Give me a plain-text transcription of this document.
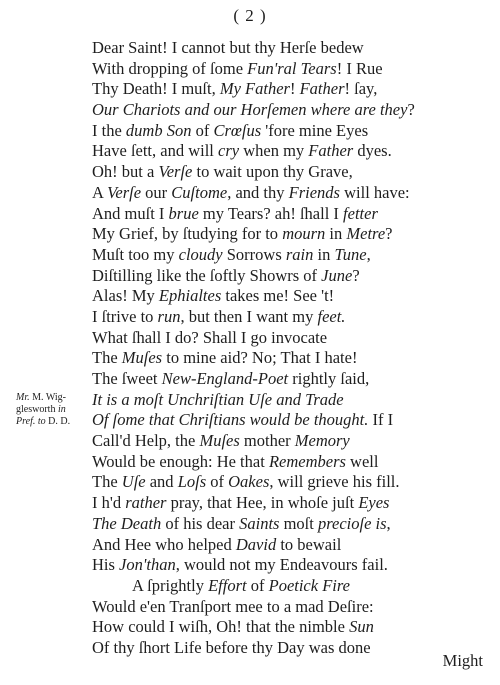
( 2 )
Mr. M. Wig-
glesworth in
Pref. to D. D.
Dear Saint! I cannot but thy Herſe bedew
With dropping of ſome Fun'ral Tears! I Rue
Thy Death! I muſt, My Father! Father! ſay,
Our Chariots and our Horſemen where are they?
I the dumb Son of Crœſus 'fore mine Eyes
Have ſett, and will cry when my Father dyes.
Oh! but a Verſe to wait upon thy Grave,
A Verſe our Cuſtome, and thy Friends will have:
And muſt I brue my Tears? ah! ſhall I fetter
My Grief, by ſtudying for to mourn in Metre?
Muſt too my cloudy Sorrows rain in Tune,
Diſtilling like the ſoftly Showrs of June?
Alas! My Ephialtes takes me! See 't!
I ſtrive to run, but then I want my feet.
What ſhall I do? Shall I go invocate
The Muſes to mine aid? No; That I hate!
The ſweet New-England-Poet rightly ſaid,
It is a moſt Unchriſtian Uſe and Trade
Of ſome that Chriſtians would be thought. If I
Call'd Help, the Muſes mother Memory
Would be enough: He that Remembers well
The Uſe and Loſs of Oakes, will grieve his fill.
I h'd rather pray, that Hee, in whoſe juſt Eyes
The Death of his dear Saints moſt precioſe is,
And Hee who helped David to bewail
His Jon'than, would not my Endeavours fail.
A ſprightly Effort of Poetick Fire
Would e'en Tranſport mee to a mad Deſire:
How could I wiſh, Oh! that the nimble Sun
Of thy ſhort Life before thy Day was done
Might
